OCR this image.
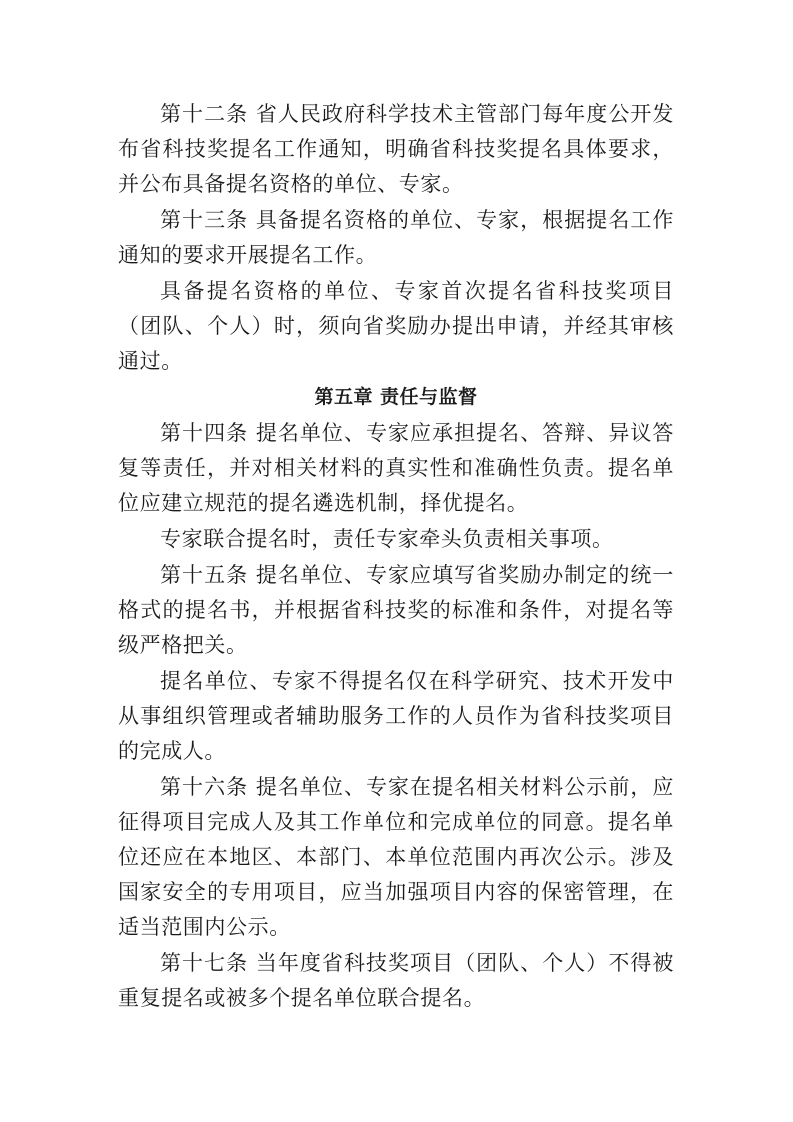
第十二条 省人民政府科学技术主管部门每年度公开发布省科技奖提名工作通知，明确省科技奖提名具体要求，并公布具备提名资格的单位、专家。

第十三条 具备提名资格的单位、专家，根据提名工作通知的要求开展提名工作。

具备提名资格的单位、专家首次提名省科技奖项目（团队、个人）时，须向省奖励办提出申请，并经其审核通过。

第五章 责任与监督

第十四条 提名单位、专家应承担提名、答辩、异议答复等责任，并对相关材料的真实性和准确性负责。提名单位应建立规范的提名遴选机制，择优提名。

专家联合提名时，责任专家牵头负责相关事项。

第十五条 提名单位、专家应填写省奖励办制定的统一格式的提名书，并根据省科技奖的标准和条件，对提名等级严格把关。

提名单位、专家不得提名仅在科学研究、技术开发中从事组织管理或者辅助服务工作的人员作为省科技奖项目的完成人。

第十六条 提名单位、专家在提名相关材料公示前，应征得项目完成人及其工作单位和完成单位的同意。提名单位还应在本地区、本部门、本单位范围内再次公示。涉及国家安全的专用项目，应当加强项目内容的保密管理，在适当范围内公示。

第十七条 当年度省科技奖项目（团队、个人）不得被重复提名或被多个提名单位联合提名。
